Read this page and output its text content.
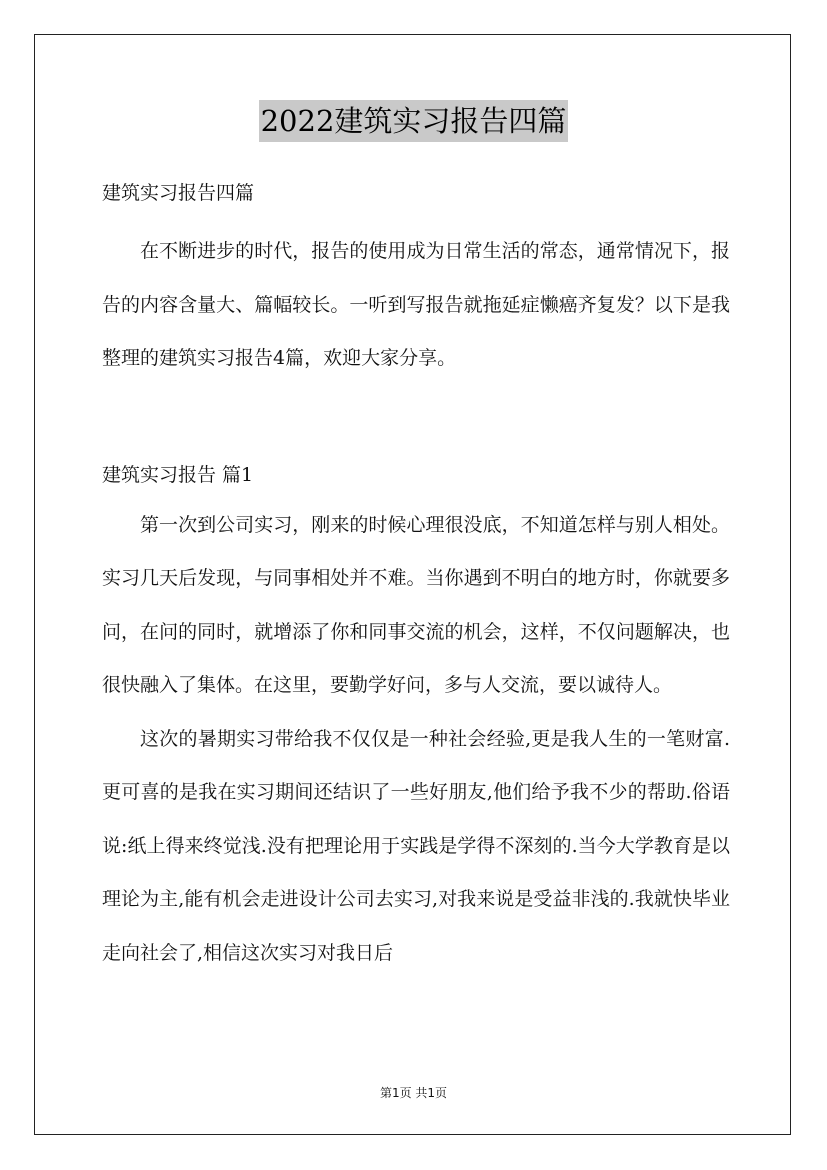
2022建筑实习报告四篇

建筑实习报告四篇

在不断进步的时代，报告的使用成为日常生活的常态，通常情况下，报告的内容含量大、篇幅较长。一听到写报告就拖延症懒癌齐复发？以下是我整理的建筑实习报告4篇，欢迎大家分享。

建筑实习报告 篇1

第一次到公司实习，刚来的时候心理很没底，不知道怎样与别人相处。实习几天后发现，与同事相处并不难。当你遇到不明白的地方时，你就要多问，在问的同时，就增添了你和同事交流的机会，这样，不仅问题解决，也很快融入了集体。在这里，要勤学好问，多与人交流，要以诚待人。

这次的暑期实习带给我不仅仅是一种社会经验,更是我人生的一笔财富.更可喜的是我在实习期间还结识了一些好朋友,他们给予我不少的帮助.俗语说:纸上得来终觉浅.没有把理论用于实践是学得不深刻的.当今大学教育是以理论为主,能有机会走进设计公司去实习,对我来说是受益非浅的.我就快毕业走向社会了,相信这次实习对我日后

第1页 共1页
